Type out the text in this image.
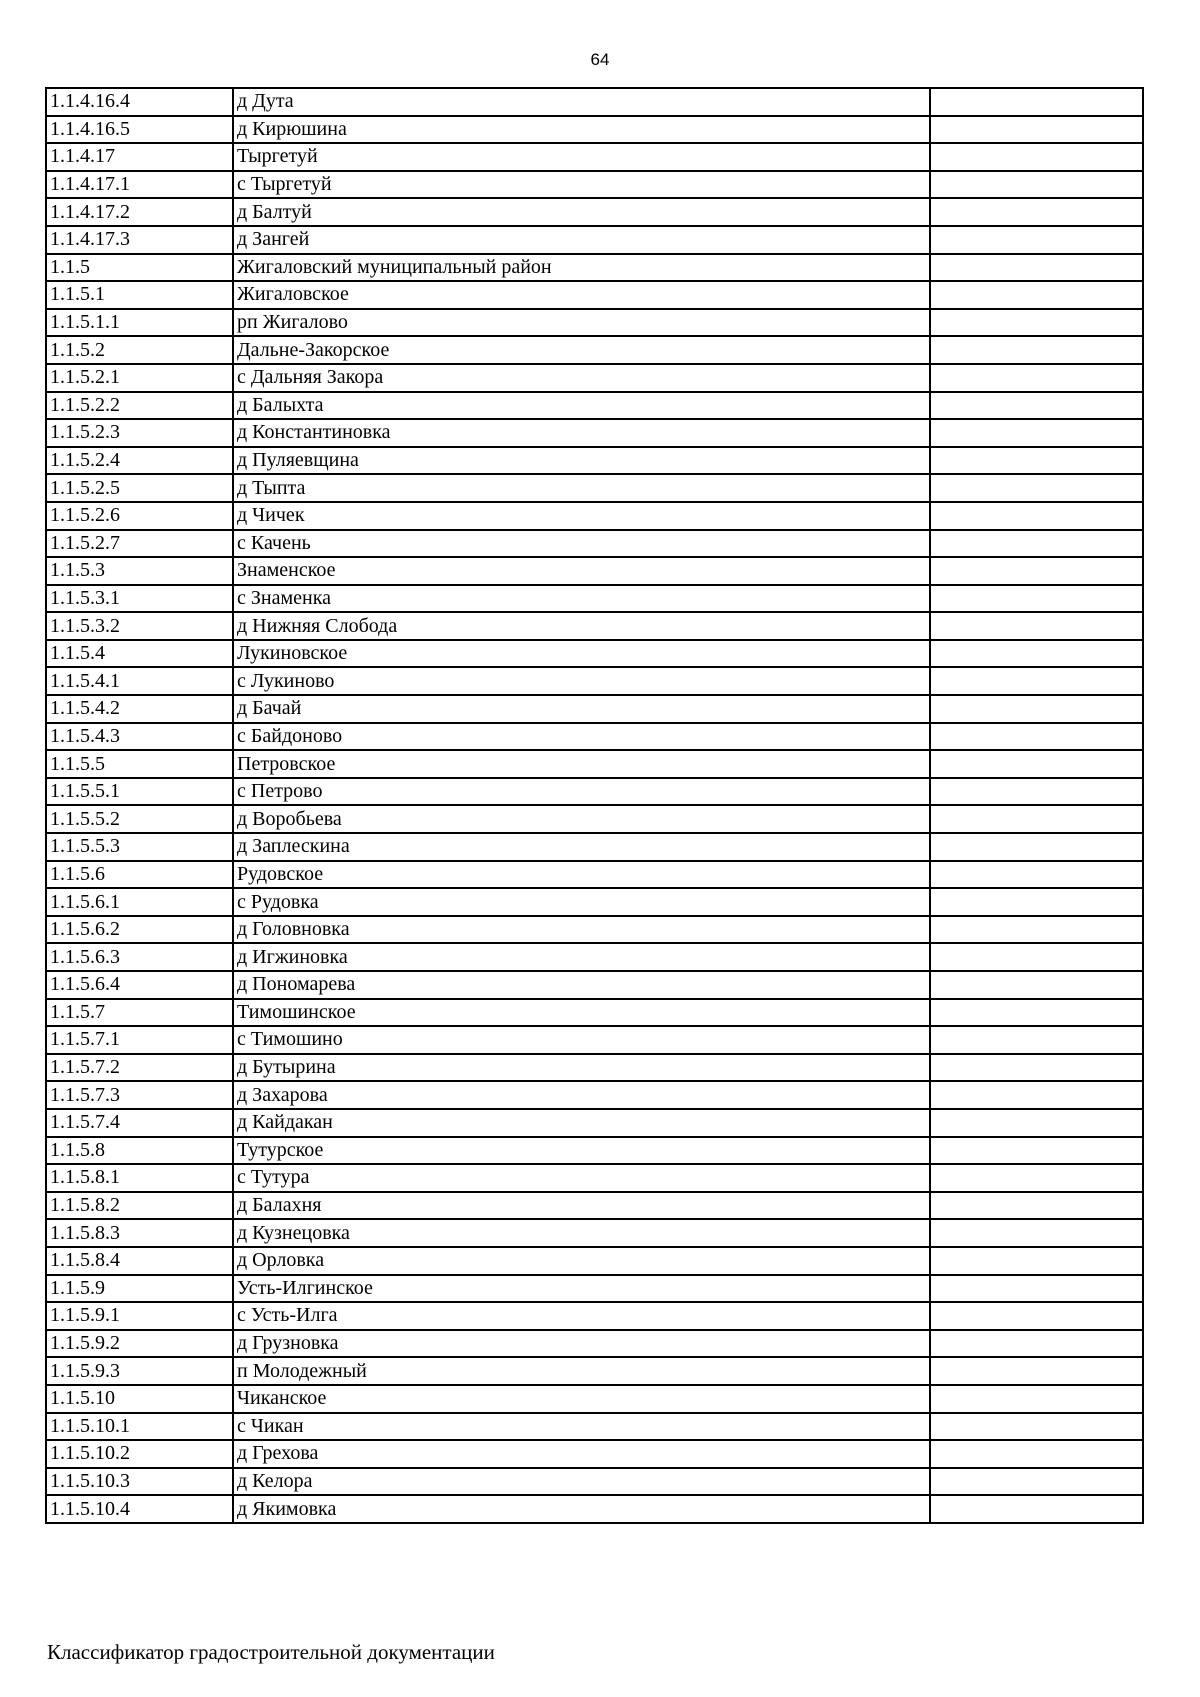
64
1.1.4.16.4	д Дута	
1.1.4.16.5	д Кирюшина	
1.1.4.17	Тыргетуй	
1.1.4.17.1	с Тыргетуй	
1.1.4.17.2	д Балтуй	
1.1.4.17.3	д Зангей	
1.1.5	Жигаловский муниципальный район	
1.1.5.1	Жигаловское	
1.1.5.1.1	рп Жигалово	
1.1.5.2	Дальне-Закорское	
1.1.5.2.1	с Дальняя Закора	
1.1.5.2.2	д Балыхта	
1.1.5.2.3	д Константиновка	
1.1.5.2.4	д Пуляевщина	
1.1.5.2.5	д Тыпта	
1.1.5.2.6	д Чичек	
1.1.5.2.7	с Качень	
1.1.5.3	Знаменское	
1.1.5.3.1	с Знаменка	
1.1.5.3.2	д Нижняя Слобода	
1.1.5.4	Лукиновское	
1.1.5.4.1	с Лукиново	
1.1.5.4.2	д Бачай	
1.1.5.4.3	с Байдоново	
1.1.5.5	Петровское	
1.1.5.5.1	с Петрово	
1.1.5.5.2	д Воробьева	
1.1.5.5.3	д Заплескина	
1.1.5.6	Рудовское	
1.1.5.6.1	с Рудовка	
1.1.5.6.2	д Головновка	
1.1.5.6.3	д Игжиновка	
1.1.5.6.4	д Пономарева	
1.1.5.7	Тимошинское	
1.1.5.7.1	с Тимошино	
1.1.5.7.2	д Бутырина	
1.1.5.7.3	д Захарова	
1.1.5.7.4	д Кайдакан	
1.1.5.8	Тутурское	
1.1.5.8.1	с Тутура	
1.1.5.8.2	д Балахня	
1.1.5.8.3	д Кузнецовка	
1.1.5.8.4	д Орловка	
1.1.5.9	Усть-Илгинское	
1.1.5.9.1	с Усть-Илга	
1.1.5.9.2	д Грузновка	
1.1.5.9.3	п Молодежный	
1.1.5.10	Чиканское	
1.1.5.10.1	с Чикан	
1.1.5.10.2	д Грехова	
1.1.5.10.3	д Келора	
1.1.5.10.4	д Якимовка	
Классификатор градостроительной документации
